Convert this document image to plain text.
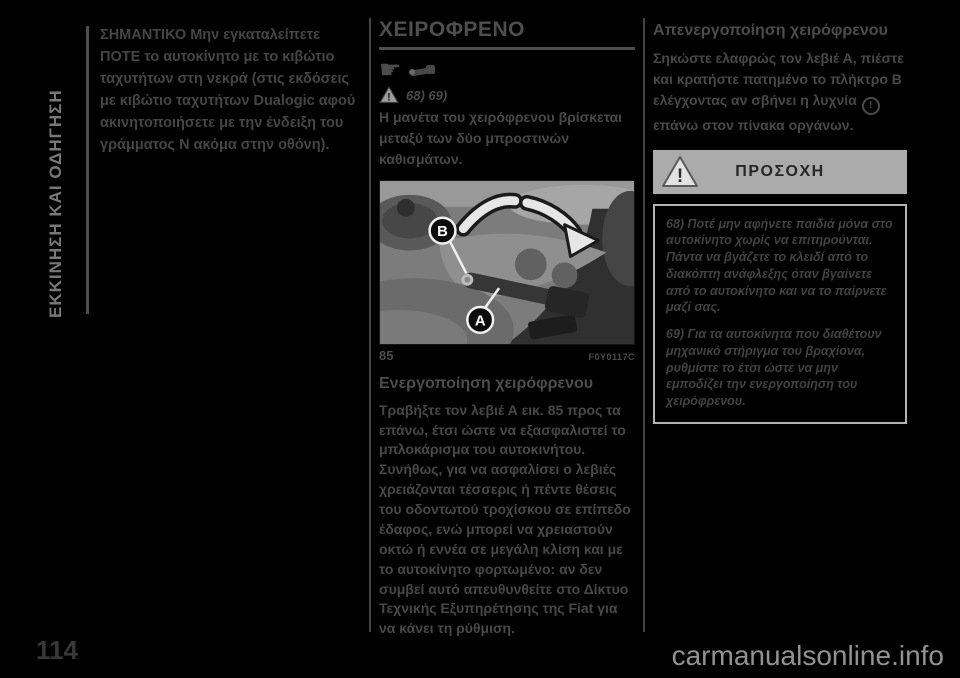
ΕΚΚΙΝΗΣΗ ΚΑΙ ΟΔΗΓΗΣΗ

ΣΗΜΑΝΤΙΚΟ Μην εγκαταλείπετε ΠΟΤΕ το αυτοκίνητο με το κιβώτιο ταχυτήτων στη νεκρά (στις εκδόσεις με κιβώτιο ταχυτήτων Dualogic αφού ακινητοποιήσετε με την ένδειξη του γράμματος Ν ακόμα στην οθόνη).

ΧΕΙΡΟΦΡΕΝΟ
☛
! 68) 69)

Η μανέτα του χειρόφρενου βρίσκεται μεταξύ των δύο μπροστινών καθισμάτων.

B
A
85	F0Y0117C
Ενεργοποίηση χειρόφρενου

Τραβήξτε τον λεβιέ Α εικ. 85 προς τα επάνω, έτσι ώστε να εξασφαλιστεί το μπλοκάρισμα του αυτοκινήτου. Συνήθως, για να ασφαλίσει ο λεβιές χρειάζονται τέσσερις ή πέντε θέσεις του οδοντωτού τροχίσκου σε επίπεδο έδαφος, ενώ μπορεί να χρειαστούν οκτώ ή εννέα σε μεγάλη κλίση και με το αυτοκίνητο φορτωμένο: αν δεν συμβεί αυτό απευθυνθείτε στο Δίκτυο Τεχνικής Εξυπηρέτησης της Fiat για να κάνει τη ρύθμιση.

Απενεργοποίηση χειρόφρενου

Σηκώστε ελαφρώς τον λεβιέ Α, πιέστε και κρατήστε πατημένο το πλήκτρο Β ελέγχοντας αν σβήνει η λυχνία ! επάνω στον πίνακα οργάνων.

!	ΠΡΟΣΟΧΗ

68) Ποτέ μην αφήνετε παιδιά μόνα στο αυτοκίνητο χωρίς να επιτηρούνται. Πάντα να βγάζετε το κλειδί από το διακόπτη ανάφλεξης όταν βγαίνετε από το αυτοκίνητο και να το παίρνετε μαζί σας.

69) Για τα αυτοκίνητα που διαθέτουν μηχανικό στήριγμα του βραχίονα, ρυθμίστε το έτσι ώστε να μην εμποδίζει την ενεργοποίηση του χειρόφρενου.

114	carmanualsonline.info
